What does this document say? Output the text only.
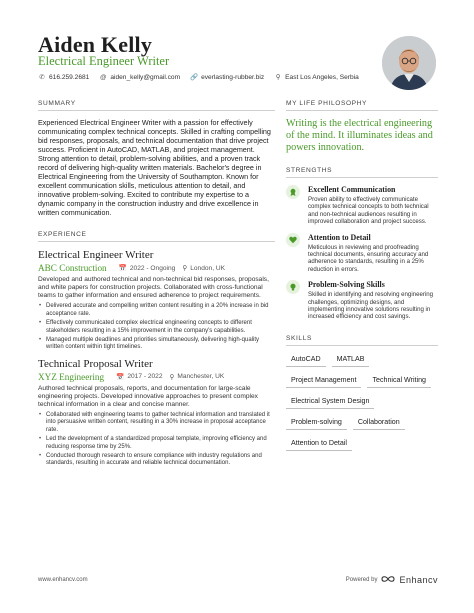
Aiden Kelly
Electrical Engineer Writer
✆ 616.259.2681 @ aiden_kelly@gmail.com 🔗 everlasting-rubber.biz ⚲ East Los Angeles, Serbia
SUMMARY
Experienced Electrical Engineer Writer with a passion for effectively communicating complex technical concepts. Skilled in crafting compelling bid responses, proposals, and technical documentation that drive project success. Proficient in AutoCAD, MATLAB, and project management. Strong attention to detail, problem-solving abilities, and a proven track record of delivering high-quality written materials. Bachelor's degree in Electrical Engineering from the University of Southampton. Known for excellent communication skills, meticulous attention to detail, and innovative problem-solving. Excited to contribute my expertise to a dynamic company in the construction industry and drive excellence in written communication.
EXPERIENCE
Electrical Engineer Writer
ABC Construction 📅 2022 - Ongoing ⚲ London, UK
Developed and authored technical and non-technical bid responses, proposals, and white papers for construction projects. Collaborated with cross-functional teams to gather information and ensured adherence to project requirements.
• Delivered accurate and compelling written content resulting in a 20% increase in bid acceptance rate.
• Effectively communicated complex electrical engineering concepts to different stakeholders resulting in a 15% improvement in the company's capabilities.
• Managed multiple deadlines and priorities simultaneously, delivering high-quality written content within tight timelines.
Technical Proposal Writer
XYZ Engineering 📅 2017 - 2022 ⚲ Manchester, UK
Authored technical proposals, reports, and documentation for large-scale engineering projects. Developed innovative approaches to present complex technical information in a clear and concise manner.
• Collaborated with engineering teams to gather technical information and translated it into persuasive written content, resulting in a 30% increase in proposal acceptance rate.
• Led the development of a standardized proposal template, improving efficiency and reducing response time by 25%.
• Conducted thorough research to ensure compliance with industry regulations and standards, resulting in accurate and reliable technical documentation.
MY LIFE PHILOSOPHY
Writing is the electrical engineering of the mind. It illuminates ideas and powers innovation.
STRENGTHS
Excellent Communication
Proven ability to effectively communicate complex technical concepts to both technical and non-technical audiences resulting in improved collaboration and project success.
Attention to Detail
Meticulous in reviewing and proofreading technical documents, ensuring accuracy and adherence to standards, resulting in a 25% reduction in errors.
Problem-Solving Skills
Skilled in identifying and resolving engineering challenges, optimizing designs, and implementing innovative solutions resulting in increased efficiency and cost savings.
SKILLS
AutoCAD	MATLAB
Project Management	Technical Writing
Electrical System Design
Problem-solving	Collaboration
Attention to Detail
www.enhancv.com	Powered by Enhancv
